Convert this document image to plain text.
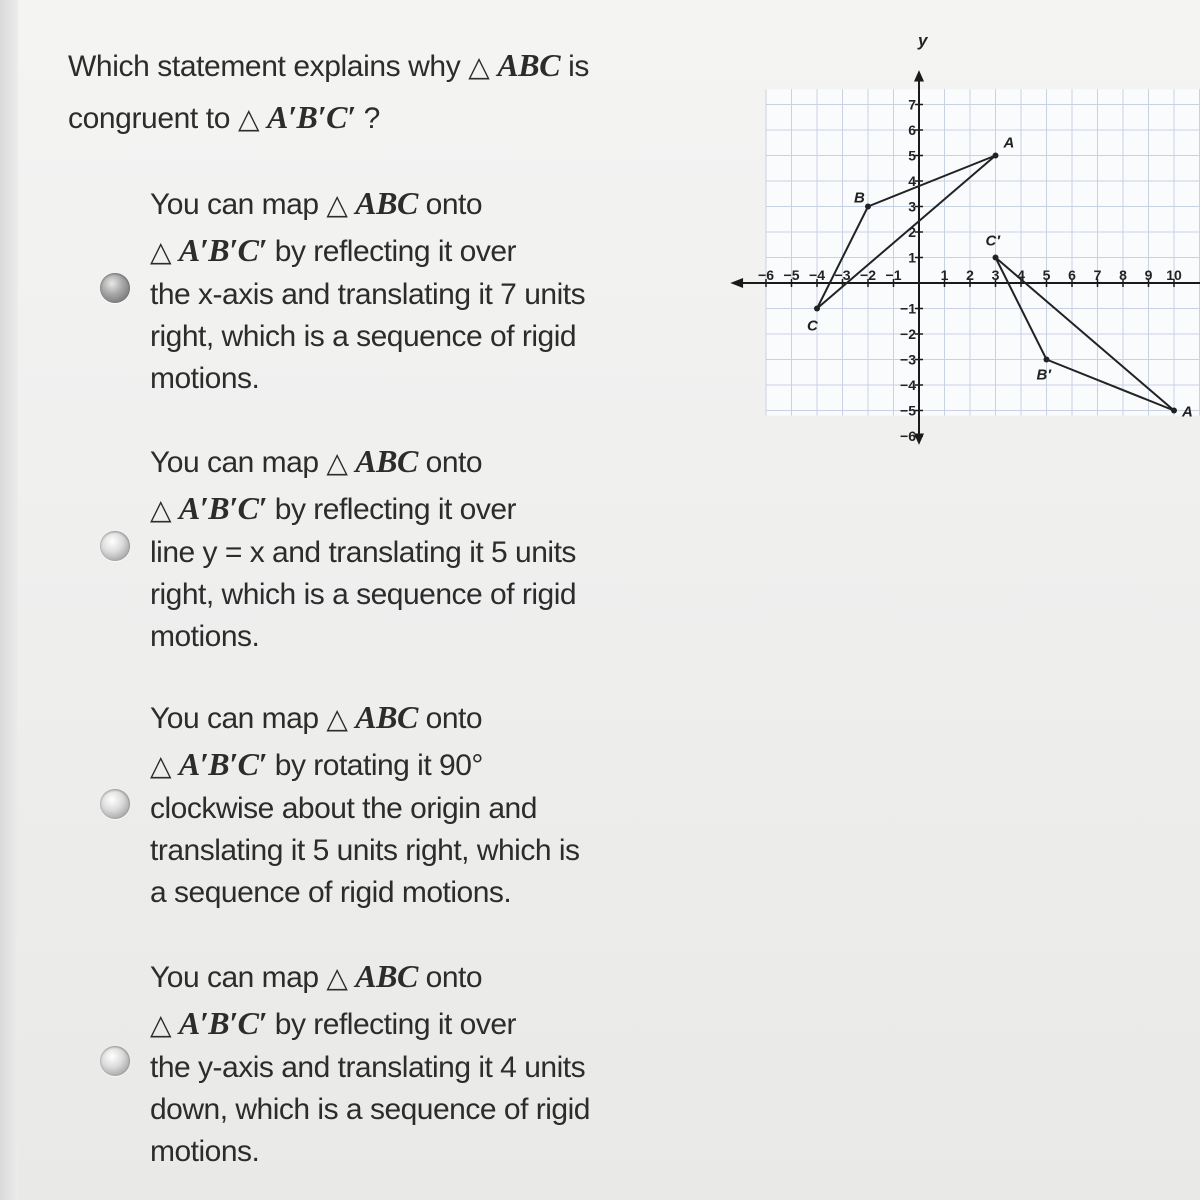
Which statement explains why △ ABC is
congruent to △ A′B′C′ ?
You can map △ ABC onto
△ A′B′C′ by reflecting it over
the x-axis and translating it 7 units
right, which is a sequence of rigid
motions.
You can map △ ABC onto
△ A′B′C′ by reflecting it over
line y = x and translating it 5 units
right, which is a sequence of rigid
motions.
You can map △ ABC onto
△ A′B′C′ by rotating it 90°
clockwise about the origin and
translating it 5 units right, which is
a sequence of rigid motions.
You can map △ ABC onto
△ A′B′C′ by reflecting it over
the y-axis and translating it 4 units
down, which is a sequence of rigid
motions.
−6 −5 −4 −3 −2 −1	1 2 3 4 5 6 7 8 9 10
7
6
5
4
3
2
1
−1
−2
−3
−4
−5
−6
A
B
C
A
B′
C′
y
